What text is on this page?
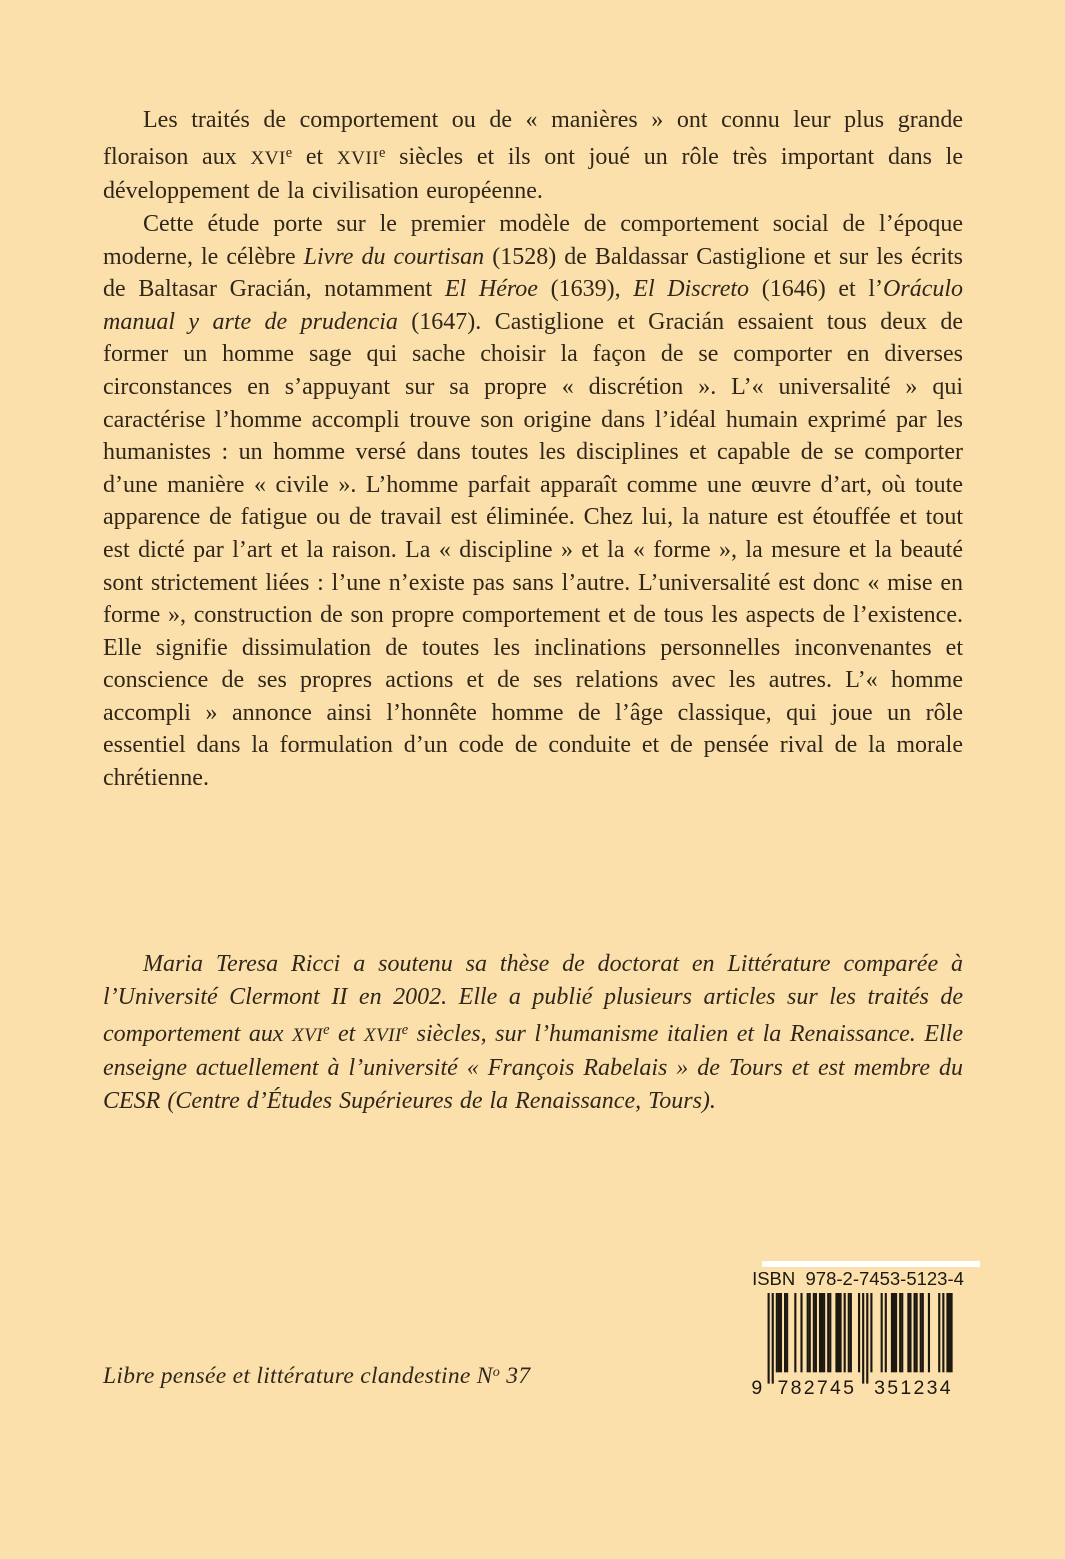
Les traités de comportement ou de « manières » ont connu leur plus grande floraison aux XVIe et XVIIe siècles et ils ont joué un rôle très important dans le développement de la civilisation européenne.

Cette étude porte sur le premier modèle de comportement social de l’époque moderne, le célèbre Livre du courtisan (1528) de Baldassar Castiglione et sur les écrits de Baltasar Gracián, notamment El Héroe (1639), El Discreto (1646) et l’Oráculo manual y arte de prudencia (1647). Castiglione et Gracián essaient tous deux de former un homme sage qui sache choisir la façon de se comporter en diverses circonstances en s’appuyant sur sa propre « discrétion ». L’« universalité » qui caractérise l’homme accompli trouve son origine dans l’idéal humain exprimé par les humanistes : un homme versé dans toutes les disciplines et capable de se comporter d’une manière « civile ». L’homme parfait apparaît comme une œuvre d’art, où toute apparence de fatigue ou de travail est éliminée. Chez lui, la nature est étouffée et tout est dicté par l’art et la raison. La « discipline » et la « forme », la mesure et la beauté sont strictement liées : l’une n’existe pas sans l’autre. L’universalité est donc « mise en forme », construction de son propre comportement et de tous les aspects de l’existence. Elle signifie dissimulation de toutes les inclinations personnelles inconvenantes et conscience de ses propres actions et de ses relations avec les autres. L’« homme accompli » annonce ainsi l’honnête homme de l’âge classique, qui joue un rôle essentiel dans la formulation d’un code de conduite et de pensée rival de la morale chrétienne.

Maria Teresa Ricci a soutenu sa thèse de doctorat en Littérature comparée à l’Université Clermont II en 2002. Elle a publié plusieurs articles sur les traités de comportement aux XVIe et XVIIe siècles, sur l’humanisme italien et la Renaissance. Elle enseigne actuellement à l’université « François Rabelais » de Tours et est membre du CESR (Centre d’Études Supérieures de la Renaissance, Tours).

ISBN  978-2-7453-5123-4
9 782745 351234
Libre pensée et littérature clandestine $N^o$ 37
